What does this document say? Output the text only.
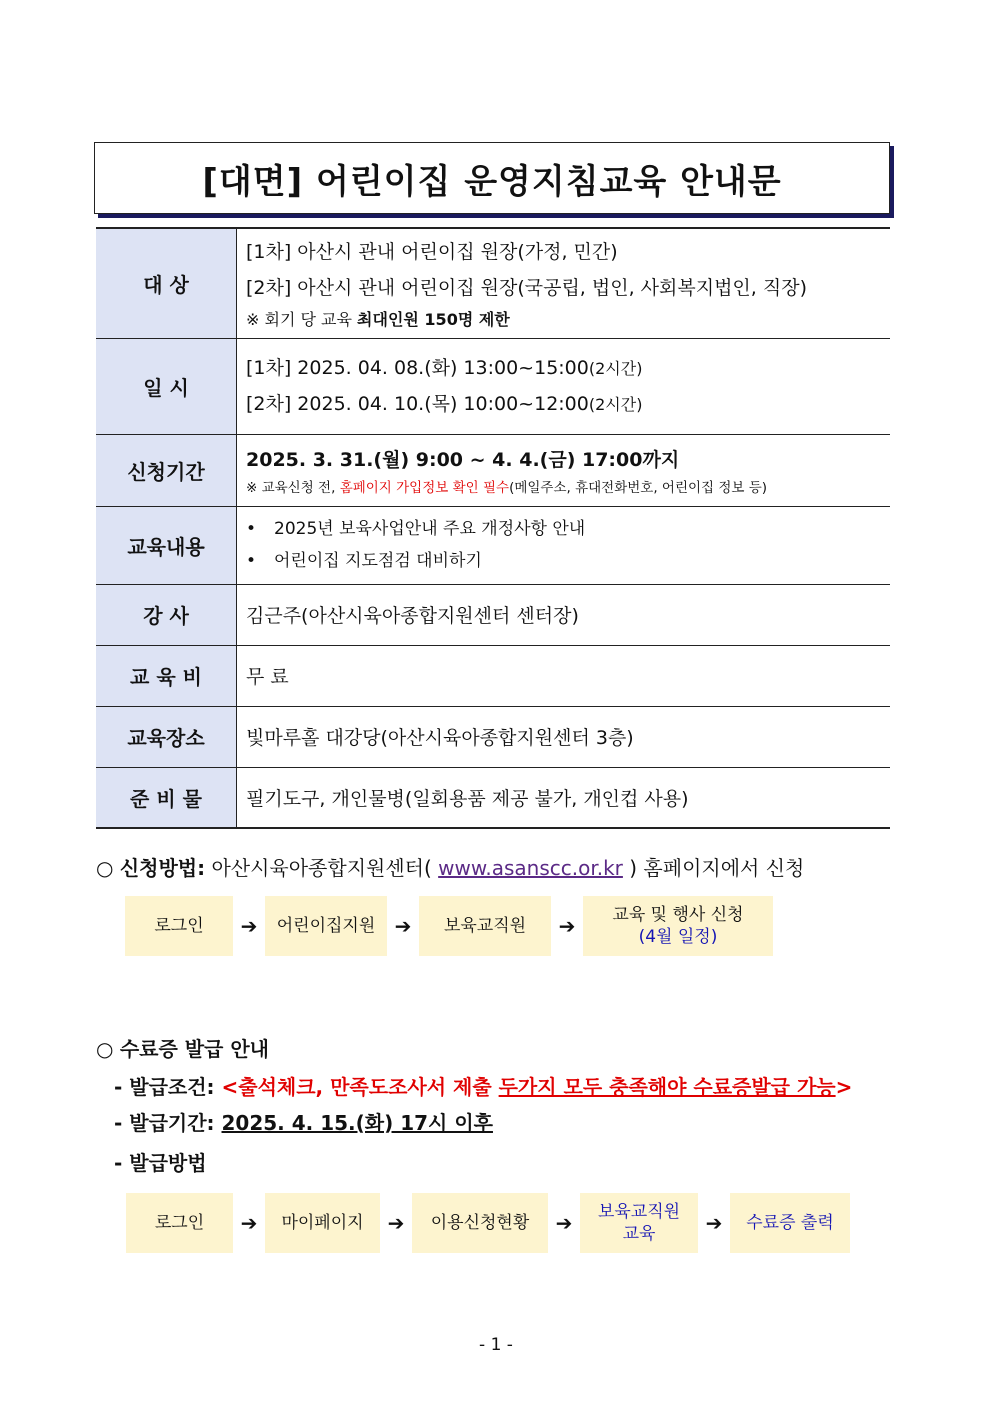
[대면] 어린이집 운영지침교육 안내문
대 상	[1차] 아산시 관내 어린이집 원장(가정, 민간)
[2차] 아산시 관내 어린이집 원장(국공립, 법인, 사회복지법인, 직장)
※ 회기 당 교육 최대인원 150명 제한

일 시	[1차] 2025. 04. 08.(화) 13:00~15:00(2시간)
[2차] 2025. 04. 10.(목) 10:00~12:00(2시간)

신청기간	2025. 3. 31.(월) 9:00 ~ 4. 4.(금) 17:00까지
※ 교육신청 전, 홈페이지 가입정보 확인 필수(메일주소, 휴대전화번호, 어린이집 정보 등)

교육내용	• 2025년 보육사업안내 주요 개정사항 안내
• 어린이집 지도점검 대비하기

강 사	김근주(아산시육아종합지원센터 센터장)
교 육 비	무 료
교육장소	빛마루홀 대강당(아산시육아종합지원센터 3층)
준 비 물	필기도구, 개인물병(일회용품 제공 불가, 개인컵 사용)
○ 신청방법: 아산시육아종합지원센터( www.asanscc.or.kr ) 홈페이지에서 신청
로그인	➔	어린이집지원 ➔	보육교직원	➔	교육 및 행사 신청
(4월 일정)
○ 수료증 발급 안내
- 발급조건: <출석체크, 만족도조사서 제출 두가지 모두 충족해야 수료증발급 가능>
- 발급기간: 2025. 4. 15.(화) 17시 이후
- 발급방법
로그인	➔	마이페이지	➔	이용신청현황	➔	보육교직원
교육	➔	수료증 출력
- 1 -
